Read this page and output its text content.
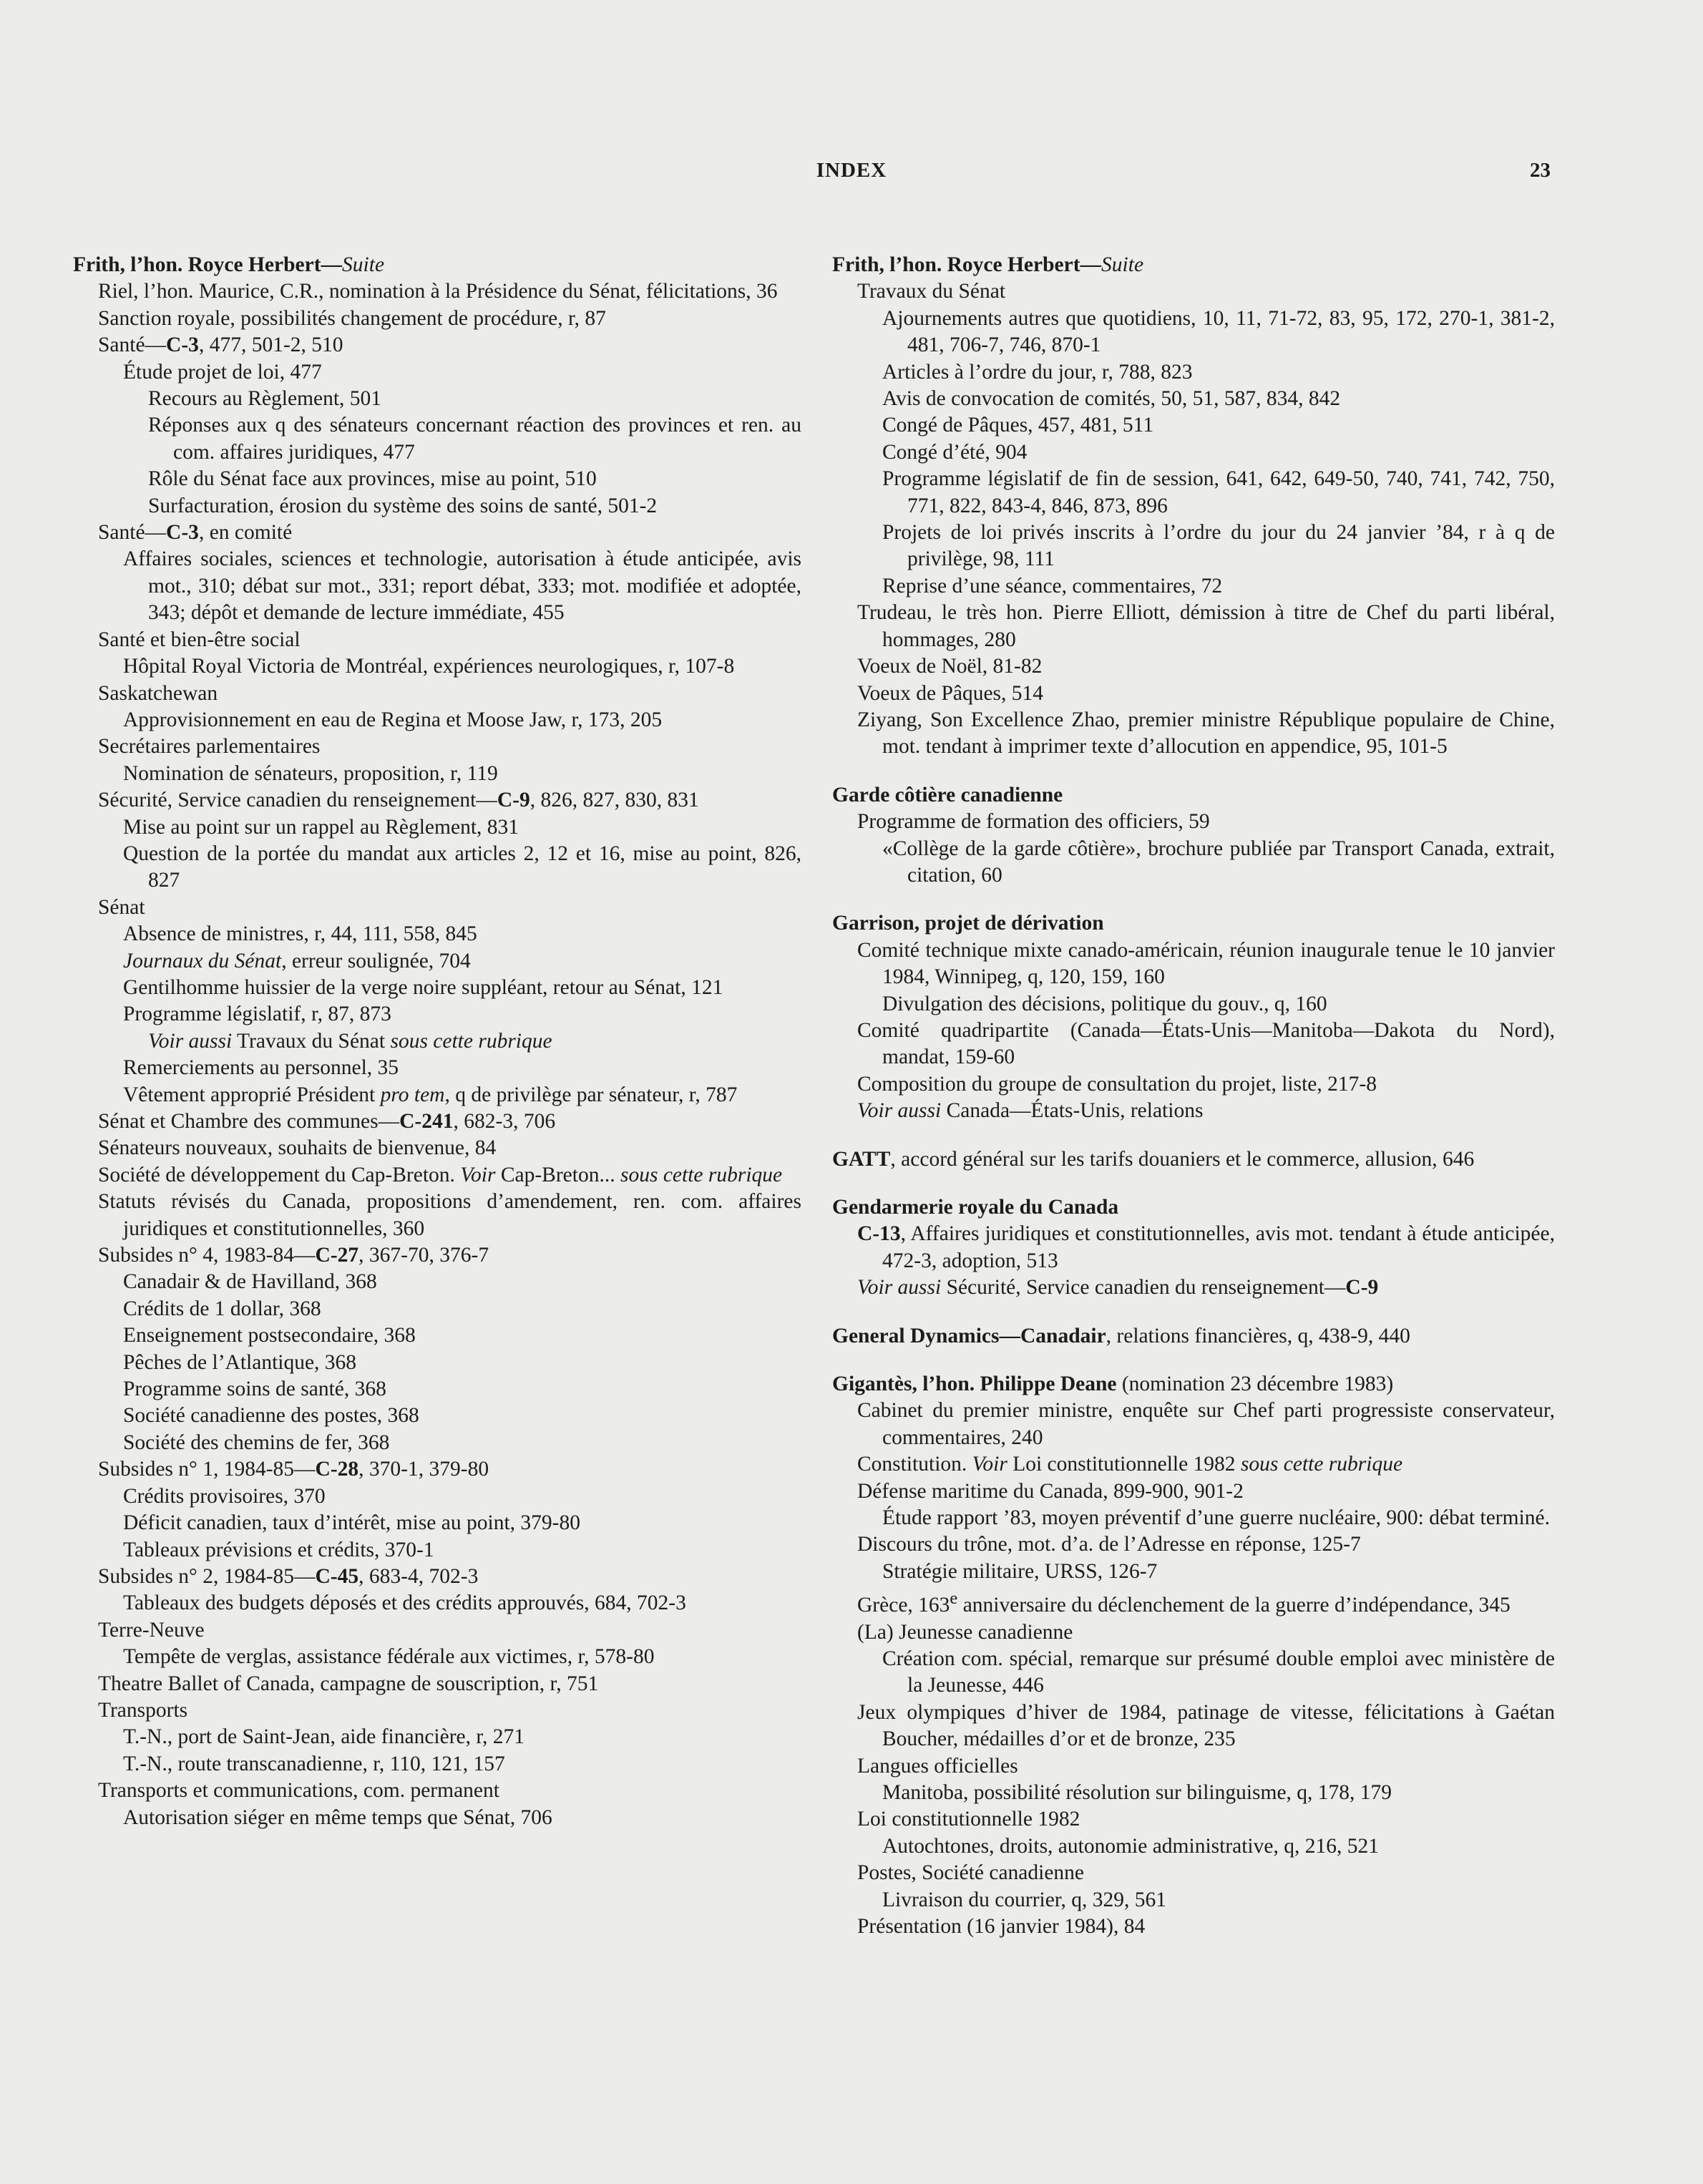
INDEX	23
Frith, l’hon. Royce Herbert—Suite
Riel, l’hon. Maurice, C.R., nomination à la Présidence du Sénat, félicitations, 36
Sanction royale, possibilités changement de procédure, r, 87
Santé—C-3, 477, 501-2, 510
Étude projet de loi, 477
Recours au Règlement, 501
Réponses aux q des sénateurs concernant réaction des provinces et ren. au com. affaires juridiques, 477
Rôle du Sénat face aux provinces, mise au point, 510
Surfacturation, érosion du système des soins de santé, 501-2
Santé—C-3, en comité
Affaires sociales, sciences et technologie, autorisation à étude anticipée, avis mot., 310; débat sur mot., 331; report débat, 333; mot. modifiée et adoptée, 343; dépôt et demande de lecture immédiate, 455
Santé et bien-être social
Hôpital Royal Victoria de Montréal, expériences neurologiques, r, 107-8
Saskatchewan
Approvisionnement en eau de Regina et Moose Jaw, r, 173, 205
Secrétaires parlementaires
Nomination de sénateurs, proposition, r, 119
Sécurité, Service canadien du renseignement—C-9, 826, 827, 830, 831
Mise au point sur un rappel au Règlement, 831
Question de la portée du mandat aux articles 2, 12 et 16, mise au point, 826, 827
Sénat
Absence de ministres, r, 44, 111, 558, 845
Journaux du Sénat, erreur soulignée, 704
Gentilhomme huissier de la verge noire suppléant, retour au Sénat, 121
Programme législatif, r, 87, 873
Voir aussi Travaux du Sénat sous cette rubrique
Remerciements au personnel, 35
Vêtement approprié Président pro tem, q de privilège par sénateur, r, 787
Sénat et Chambre des communes—C-241, 682-3, 706
Sénateurs nouveaux, souhaits de bienvenue, 84
Société de développement du Cap-Breton. Voir Cap-Breton... sous cette rubrique
Statuts révisés du Canada, propositions d’amendement, ren. com. affaires juridiques et constitutionnelles, 360
Subsides n° 4, 1983-84—C-27, 367-70, 376-7
Canadair & de Havilland, 368
Crédits de 1 dollar, 368
Enseignement postsecondaire, 368
Pêches de l’Atlantique, 368
Programme soins de santé, 368
Société canadienne des postes, 368
Société des chemins de fer, 368
Subsides n° 1, 1984-85—C-28, 370-1, 379-80
Crédits provisoires, 370
Déficit canadien, taux d’intérêt, mise au point, 379-80
Tableaux prévisions et crédits, 370-1
Subsides n° 2, 1984-85—C-45, 683-4, 702-3
Tableaux des budgets déposés et des crédits approuvés, 684, 702-3
Terre-Neuve
Tempête de verglas, assistance fédérale aux victimes, r, 578-80
Theatre Ballet of Canada, campagne de souscription, r, 751
Transports
T.-N., port de Saint-Jean, aide financière, r, 271
T.-N., route transcanadienne, r, 110, 121, 157
Transports et communications, com. permanent
Autorisation siéger en même temps que Sénat, 706
Frith, l’hon. Royce Herbert—Suite
Travaux du Sénat
Ajournements autres que quotidiens, 10, 11, 71-72, 83, 95, 172, 270-1, 381-2, 481, 706-7, 746, 870-1
Articles à l’ordre du jour, r, 788, 823
Avis de convocation de comités, 50, 51, 587, 834, 842
Congé de Pâques, 457, 481, 511
Congé d’été, 904
Programme législatif de fin de session, 641, 642, 649-50, 740, 741, 742, 750, 771, 822, 843-4, 846, 873, 896
Projets de loi privés inscrits à l’ordre du jour du 24 janvier ’84, r à q de privilège, 98, 111
Reprise d’une séance, commentaires, 72
Trudeau, le très hon. Pierre Elliott, démission à titre de Chef du parti libéral, hommages, 280
Voeux de Noël, 81-82
Voeux de Pâques, 514
Ziyang, Son Excellence Zhao, premier ministre République populaire de Chine, mot. tendant à imprimer texte d’allocution en appendice, 95, 101-5
Garde côtière canadienne
Programme de formation des officiers, 59
«Collège de la garde côtière», brochure publiée par Transport Canada, extrait, citation, 60
Garrison, projet de dérivation
Comité technique mixte canado-américain, réunion inaugurale tenue le 10 janvier 1984, Winnipeg, q, 120, 159, 160
Divulgation des décisions, politique du gouv., q, 160
Comité quadripartite (Canada—États-Unis—Manitoba—Dakota du Nord), mandat, 159-60
Composition du groupe de consultation du projet, liste, 217-8
Voir aussi Canada—États-Unis, relations
GATT, accord général sur les tarifs douaniers et le commerce, allusion, 646
Gendarmerie royale du Canada
C-13, Affaires juridiques et constitutionnelles, avis mot. tendant à étude anticipée, 472-3, adoption, 513
Voir aussi Sécurité, Service canadien du renseignement—C-9
General Dynamics—Canadair, relations financières, q, 438-9, 440
Gigantès, l’hon. Philippe Deane (nomination 23 décembre 1983)
Cabinet du premier ministre, enquête sur Chef parti progressiste conservateur, commentaires, 240
Constitution. Voir Loi constitutionnelle 1982 sous cette rubrique
Défense maritime du Canada, 899-900, 901-2
Étude rapport ’83, moyen préventif d’une guerre nucléaire, 900: débat terminé.
Discours du trône, mot. d’a. de l’Adresse en réponse, 125-7
Stratégie militaire, URSS, 126-7
Grèce, 163e anniversaire du déclenchement de la guerre d’indépendance, 345
(La) Jeunesse canadienne
Création com. spécial, remarque sur présumé double emploi avec ministère de la Jeunesse, 446
Jeux olympiques d’hiver de 1984, patinage de vitesse, félicitations à Gaétan Boucher, médailles d’or et de bronze, 235
Langues officielles
Manitoba, possibilité résolution sur bilinguisme, q, 178, 179
Loi constitutionnelle 1982
Autochtones, droits, autonomie administrative, q, 216, 521
Postes, Société canadienne
Livraison du courrier, q, 329, 561
Présentation (16 janvier 1984), 84
